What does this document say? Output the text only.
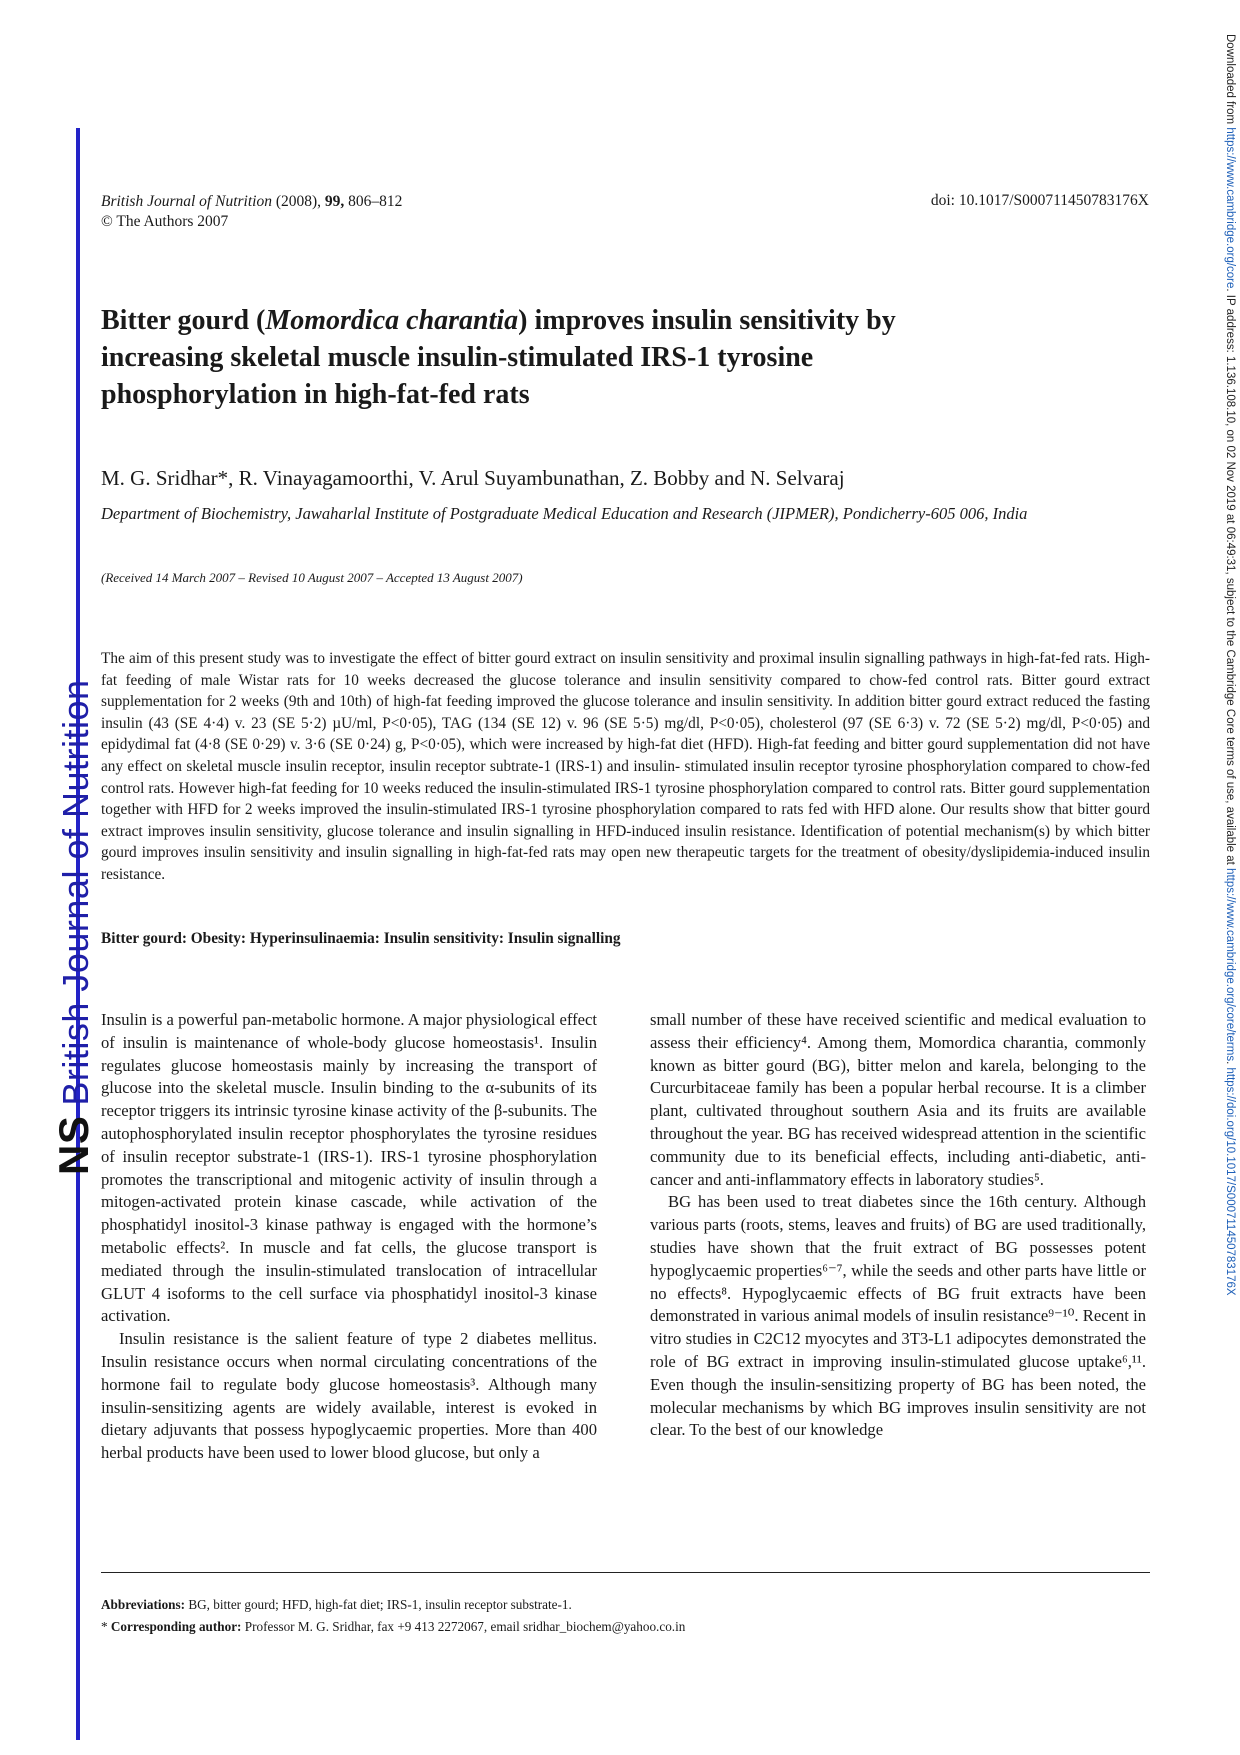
NSBritish Journal of Nutrition
Downloaded from https://www.cambridge.org/core. IP address: 1.136.108.10, on 02 Nov 2019 at 06:49:31, subject to the Cambridge Core terms of use, available at https://www.cambridge.org/core/terms. https://doi.org/10.1017/S000711450783176X
British Journal of Nutrition (2008), 99, 806–812
© The Authors 2007
doi: 10.1017/S000711450783176X
Bitter gourd (Momordica charantia) improves insulin sensitivity by increasing skeletal muscle insulin-stimulated IRS-1 tyrosine phosphorylation in high-fat-fed rats
M. G. Sridhar*, R. Vinayagamoorthi, V. Arul Suyambunathan, Z. Bobby and N. Selvaraj
Department of Biochemistry, Jawaharlal Institute of Postgraduate Medical Education and Research (JIPMER), Pondicherry-605 006, India
(Received 14 March 2007 – Revised 10 August 2007 – Accepted 13 August 2007)

The aim of this present study was to investigate the effect of bitter gourd extract on insulin sensitivity and proximal insulin signalling pathways in high-fat-fed rats. High-fat feeding of male Wistar rats for 10 weeks decreased the glucose tolerance and insulin sensitivity compared to chow-fed control rats. Bitter gourd extract supplementation for 2 weeks (9th and 10th) of high-fat feeding improved the glucose tolerance and insulin sensitivity. In addition bitter gourd extract reduced the fasting insulin (43 (SE 4·4) v. 23 (SE 5·2) µU/ml, P<0·05), TAG (134 (SE 12) v. 96 (SE 5·5) mg/dl, P<0·05), cholesterol (97 (SE 6·3) v. 72 (SE 5·2) mg/dl, P<0·05) and epidydimal fat (4·8 (SE 0·29) v. 3·6 (SE 0·24) g, P<0·05), which were increased by high-fat diet (HFD). High-fat feeding and bitter gourd supplementation did not have any effect on skeletal muscle insulin receptor, insulin receptor subtrate-1 (IRS-1) and insulin- stimulated insulin receptor tyrosine phosphorylation compared to chow-fed control rats. However high-fat feeding for 10 weeks reduced the insulin-stimulated IRS-1 tyrosine phosphorylation compared to control rats. Bitter gourd supplementation together with HFD for 2 weeks improved the insulin-stimulated IRS-1 tyrosine phosphorylation compared to rats fed with HFD alone. Our results show that bitter gourd extract improves insulin sensitivity, glucose tolerance and insulin signalling in HFD-induced insulin resistance. Identification of potential mechanism(s) by which bitter gourd improves insulin sensitivity and insulin signalling in high-fat-fed rats may open new therapeutic targets for the treatment of obesity/dyslipidemia-induced insulin resistance.

Bitter gourd: Obesity: Hyperinsulinaemia: Insulin sensitivity: Insulin signalling

Insulin is a powerful pan-metabolic hormone. A major physiological effect of insulin is maintenance of whole-body glucose homeostasis¹. Insulin regulates glucose homeostasis mainly by increasing the transport of glucose into the skeletal muscle. Insulin binding to the α-subunits of its receptor triggers its intrinsic tyrosine kinase activity of the β-subunits. The autophosphorylated insulin receptor phosphorylates the tyrosine residues of insulin receptor substrate-1 (IRS-1). IRS-1 tyrosine phosphorylation promotes the transcriptional and mitogenic activity of insulin through a mitogen-activated protein kinase cascade, while activation of the phosphatidyl inositol-3 kinase pathway is engaged with the hormone’s metabolic effects². In muscle and fat cells, the glucose transport is mediated through the insulin-stimulated translocation of intracellular GLUT 4 isoforms to the cell surface via phosphatidyl inositol-3 kinase activation.

Insulin resistance is the salient feature of type 2 diabetes mellitus. Insulin resistance occurs when normal circulating concentrations of the hormone fail to regulate body glucose homeostasis³. Although many insulin-sensitizing agents are widely available, interest is evoked in dietary adjuvants that possess hypoglycaemic properties. More than 400 herbal products have been used to lower blood glucose, but only a

small number of these have received scientific and medical evaluation to assess their efficiency⁴. Among them, Momordica charantia, commonly known as bitter gourd (BG), bitter melon and karela, belonging to the Curcurbitaceae family has been a popular herbal recourse. It is a climber plant, cultivated throughout southern Asia and its fruits are available throughout the year. BG has received widespread attention in the scientific community due to its beneficial effects, including anti-diabetic, anti-cancer and anti-inflammatory effects in laboratory studies⁵.

BG has been used to treat diabetes since the 16th century. Although various parts (roots, stems, leaves and fruits) of BG are used traditionally, studies have shown that the fruit extract of BG possesses potent hypoglycaemic properties⁶⁻⁷, while the seeds and other parts have little or no effects⁸. Hypoglycaemic effects of BG fruit extracts have been demonstrated in various animal models of insulin resistance⁹⁻¹⁰. Recent in vitro studies in C2C12 myocytes and 3T3-L1 adipocytes demonstrated the role of BG extract in improving insulin-stimulated glucose uptake⁶,¹¹. Even though the insulin-sensitizing property of BG has been noted, the molecular mechanisms by which BG improves insulin sensitivity are not clear. To the best of our knowledge

Abbreviations: BG, bitter gourd; HFD, high-fat diet; IRS-1, insulin receptor substrate-1.
* Corresponding author: Professor M. G. Sridhar, fax +9 413 2272067, email sridhar_biochem@yahoo.co.in
